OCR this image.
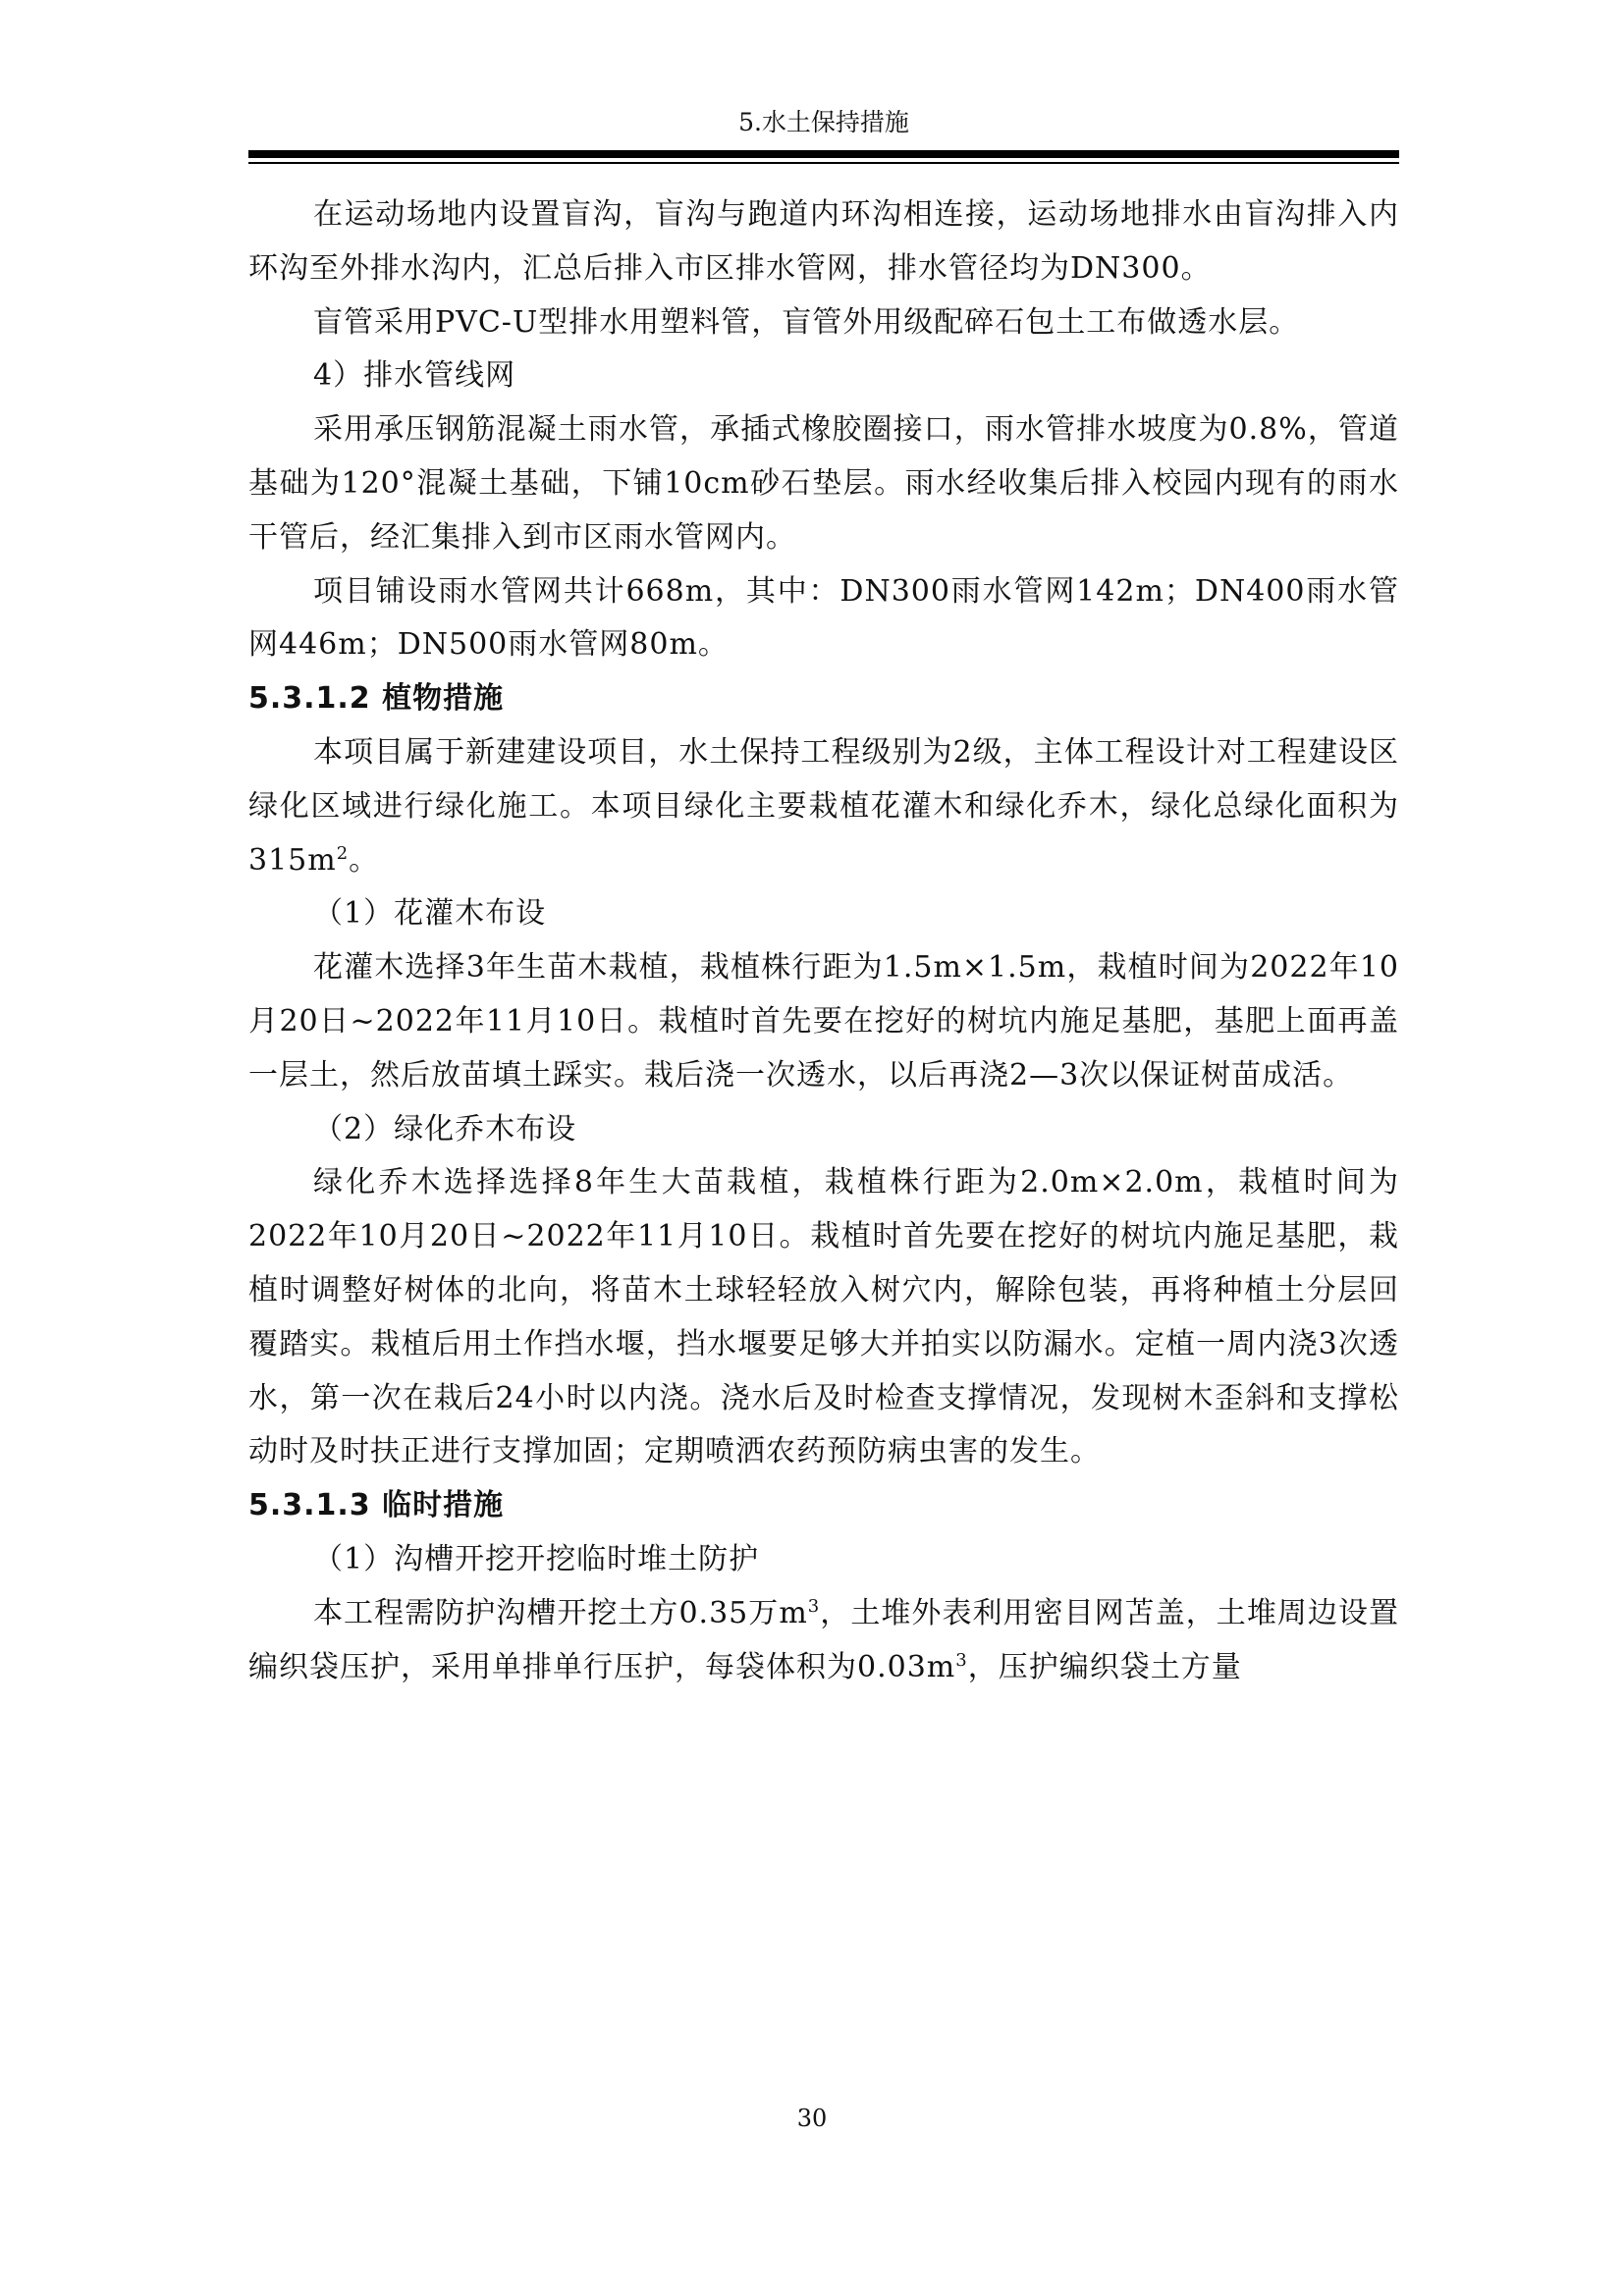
5.水土保持措施

在运动场地内设置盲沟，盲沟与跑道内环沟相连接，运动场地排水由盲沟排入内环沟至外排水沟内，汇总后排入市区排水管网，排水管径均为DN300。

盲管采用PVC-U型排水用塑料管，盲管外用级配碎石包土工布做透水层。

4）排水管线网

采用承压钢筋混凝土雨水管，承插式橡胶圈接口，雨水管排水坡度为0.8%，管道基础为120°混凝土基础，下铺10cm砂石垫层。雨水经收集后排入校园内现有的雨水干管后，经汇集排入到市区雨水管网内。

项目铺设雨水管网共计668m，其中：DN300雨水管网142m；DN400雨水管网446m；DN500雨水管网80m。

5.3.1.2 植物措施

本项目属于新建建设项目，水土保持工程级别为2级，主体工程设计对工程建设区绿化区域进行绿化施工。本项目绿化主要栽植花灌木和绿化乔木，绿化总绿化面积为$315m^2$。

（1）花灌木布设

花灌木选择3年生苗木栽植，栽植株行距为1.5m×1.5m，栽植时间为2022年10月20日~2022年11月10日。栽植时首先要在挖好的树坑内施足基肥，基肥上面再盖一层土，然后放苗填土踩实。栽后浇一次透水，以后再浇2—3次以保证树苗成活。

（2）绿化乔木布设

绿化乔木选择选择8年生大苗栽植，栽植株行距为2.0m×2.0m，栽植时间为2022年10月20日~2022年11月10日。栽植时首先要在挖好的树坑内施足基肥，栽植时调整好树体的北向，将苗木土球轻轻放入树穴内，解除包装，再将种植土分层回覆踏实。栽植后用土作挡水堰，挡水堰要足够大并拍实以防漏水。定植一周内浇3次透水，第一次在栽后24小时以内浇。浇水后及时检查支撑情况，发现树木歪斜和支撑松动时及时扶正进行支撑加固；定期喷洒农药预防病虫害的发生。

5.3.1.3 临时措施

（1）沟槽开挖开挖临时堆土防护

本工程需防护沟槽开挖土方0.35万$m^3$，土堆外表利用密目网苫盖，土堆周边设置编织袋压护，采用单排单行压护，每袋体积为$0.03m^3$，压护编织袋土方量

30
